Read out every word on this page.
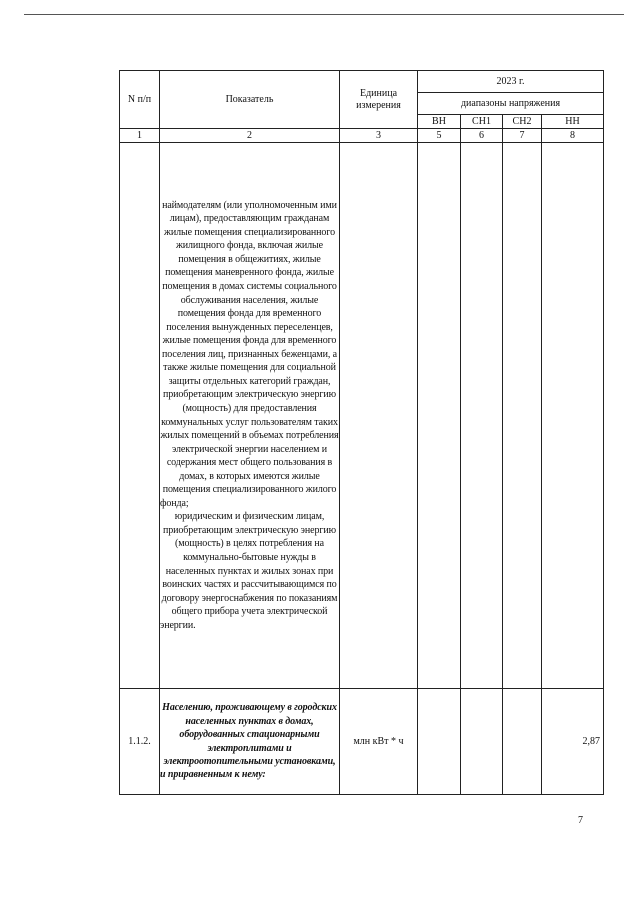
N п/п	Показатель	Единица измерения	2023 г.			
			диапазоны напряжения			
			ВН	СН1	СН2	НН
1	2	3	5	6	7	8

	наймодателям (или уполномоченным ими лицам), предоставляющим гражданам жилые помещения специализированного жилищного фонда, включая жилые помещения в общежитиях, жилые помещения маневренного фонда, жилые помещения в домах системы социального обслуживания населения, жилые помещения фонда для временного поселения вынужденных переселенцев, жилые помещения фонда для временного поселения лиц, признанных беженцами, а также жилые помещения для социальной защиты отдельных категорий граждан, приобретающим электрическую энергию (мощность) для предоставления коммунальных услуг пользователям таких жилых помещений в объемах потребления электрической энергии населением и содержания мест общего пользования в домах, в которых имеются жилые помещения специализированного жилого фонда;

юридическим и физическим лицам, приобретающим электрическую энергию (мощность) в целях потребления на коммунально-бытовые нужды в населенных пунктах и жилых зонах при воинских частях и рассчитывающимся по договору энергоснабжения по показаниям общего прибора учета электрической энергии.					

1.1.2.	Населению, проживающему в городских населенных пунктах в домах, оборудованных стационарными электроплитами и электроотопительными установками, и приравненным к нему:	млн кВт * ч				2,87
7
